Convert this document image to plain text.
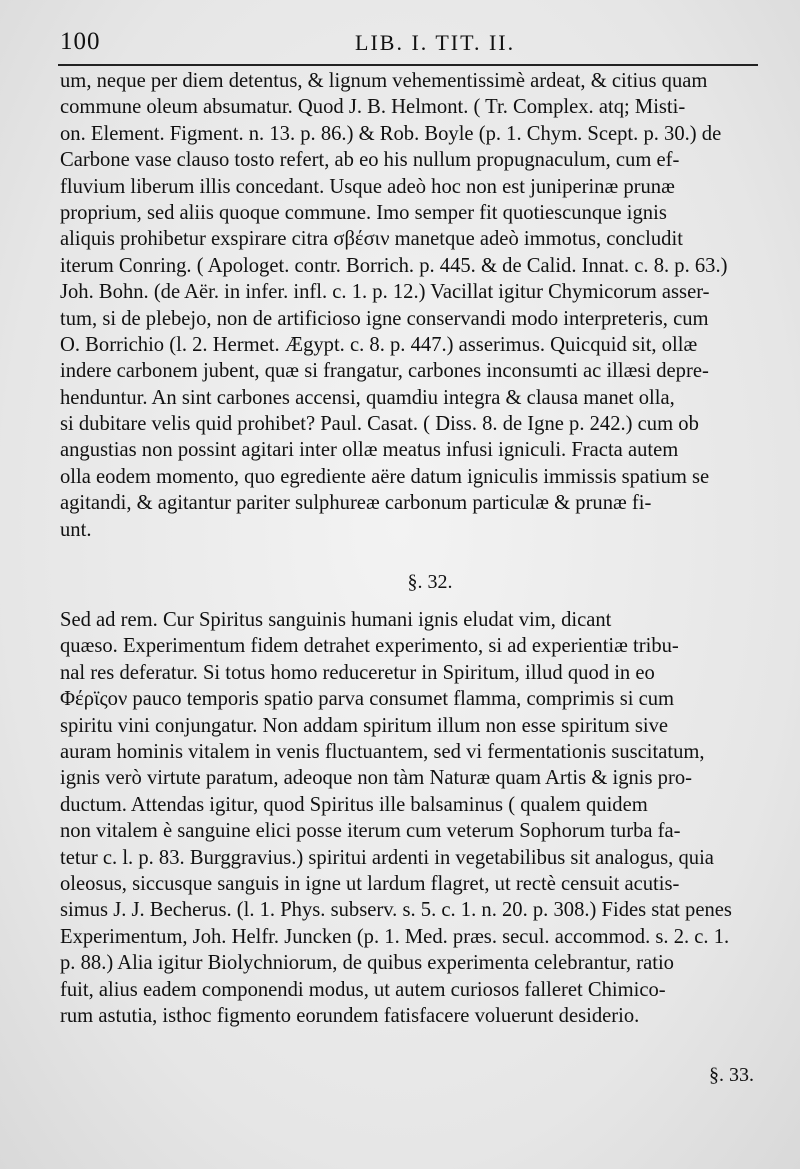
100	LIB. I. TIT. II.
um, neque per diem detentus, & lignum vehementissimè ardeat, & citius quam
commune oleum absumatur. Quod J. B. Helmont. ( Tr. Complex. atq; Misti-
on. Element. Figment. n. 13. p. 86.) & Rob. Boyle (p. 1. Chym. Scept. p. 30.) de
Carbone vase clauso tosto refert, ab eo his nullum propugnaculum, cum ef-
fluvium liberum illis concedant. Usque adeò hoc non est juniperinæ prunæ
proprium, sed aliis quoque commune. Imo semper fit quotiescunque ignis
aliquis prohibetur exspirare citra σβέσιν manetque adeò immotus, concludit
iterum Conring. ( Apologet. contr. Borrich. p. 445. & de Calid. Innat. c. 8. p. 63.)
Joh. Bohn. (de Aër. in infer. infl. c. 1. p. 12.) Vacillat igitur Chymicorum asser-
tum, si de plebejo, non de artificioso igne conservandi modo interpreteris, cum
O. Borrichio (l. 2. Hermet. Ægypt. c. 8. p. 447.) asserimus. Quicquid sit, ollæ
indere carbonem jubent, quæ si frangatur, carbones inconsumti ac illæsi depre-
henduntur. An sint carbones accensi, quamdiu integra & clausa manet olla,
si dubitare velis quid prohibet? Paul. Casat. ( Diss. 8. de Igne p. 242.) cum ob
angustias non possint agitari inter ollæ meatus infusi igniculi. Fracta autem
olla eodem momento, quo egrediente aëre datum igniculis immissis spatium se
agitandi, & agitantur pariter sulphureæ carbonum particulæ & prunæ fi-
unt.
§. 32.
Sed ad rem. Cur Spiritus sanguinis humani ignis eludat vim, dicant
quæso. Experimentum fidem detrahet experimento, si ad experientiæ tribu-
nal res deferatur. Si totus homo reduceretur in Spiritum, illud quod in eo
Φέρϊςον pauco temporis spatio parva consumet flamma, comprimis si cum
spiritu vini conjungatur. Non addam spiritum illum non esse spiritum sive
auram hominis vitalem in venis fluctuantem, sed vi fermentationis suscitatum,
ignis verò virtute paratum, adeoque non tàm Naturæ quam Artis & ignis pro-
ductum. Attendas igitur, quod Spiritus ille balsaminus ( qualem quidem
non vitalem è sanguine elici posse iterum cum veterum Sophorum turba fa-
tetur c. l. p. 83. Burggravius.) spiritui ardenti in vegetabilibus sit analogus, quia
oleosus, siccusque sanguis in igne ut lardum flagret, ut rectè censuit acutis-
simus J. J. Becherus. (l. 1. Phys. subserv. s. 5. c. 1. n. 20. p. 308.) Fides stat penes
Experimentum, Joh. Helfr. Juncken (p. 1. Med. præs. secul. accommod. s. 2. c. 1.
p. 88.) Alia igitur Biolychniorum, de quibus experimenta celebrantur, ratio
fuit, alius eadem componendi modus, ut autem curiosos falleret Chimico-
rum astutia, isthoc figmento eorundem fatisfacere voluerunt desiderio.
§. 33.
